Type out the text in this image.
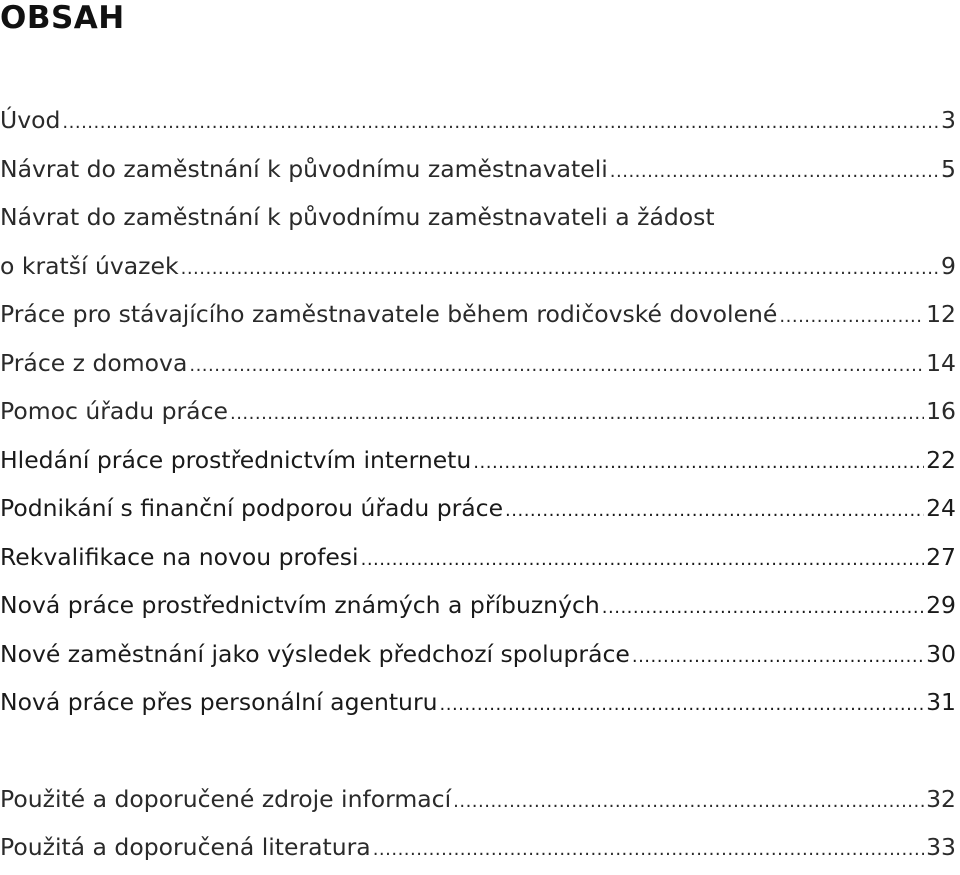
OBSAH
Úvod .....	3
Návrat do zaměstnání k původnímu zaměstnavateli .....	5
Návrat do zaměstnání k původnímu zaměstnavateli a žádost
o kratší úvazek .....	9
Práce pro stávajícího zaměstnavatele během rodičovské dovolené .....	12
Práce z domova .....	14
Pomoc úřadu práce .....	16
Hledání práce prostřednictvím internetu .....	22
Podnikání s finanční podporou úřadu práce .....	24
Rekvalifikace na novou profesi .....	27
Nová práce prostřednictvím známých a příbuzných .....	29
Nové zaměstnání jako výsledek předchozí spolupráce .....	30
Nová práce přes personální agenturu .....	31
Použité a doporučené zdroje informací .....	32
Použitá a doporučená literatura .....	33
